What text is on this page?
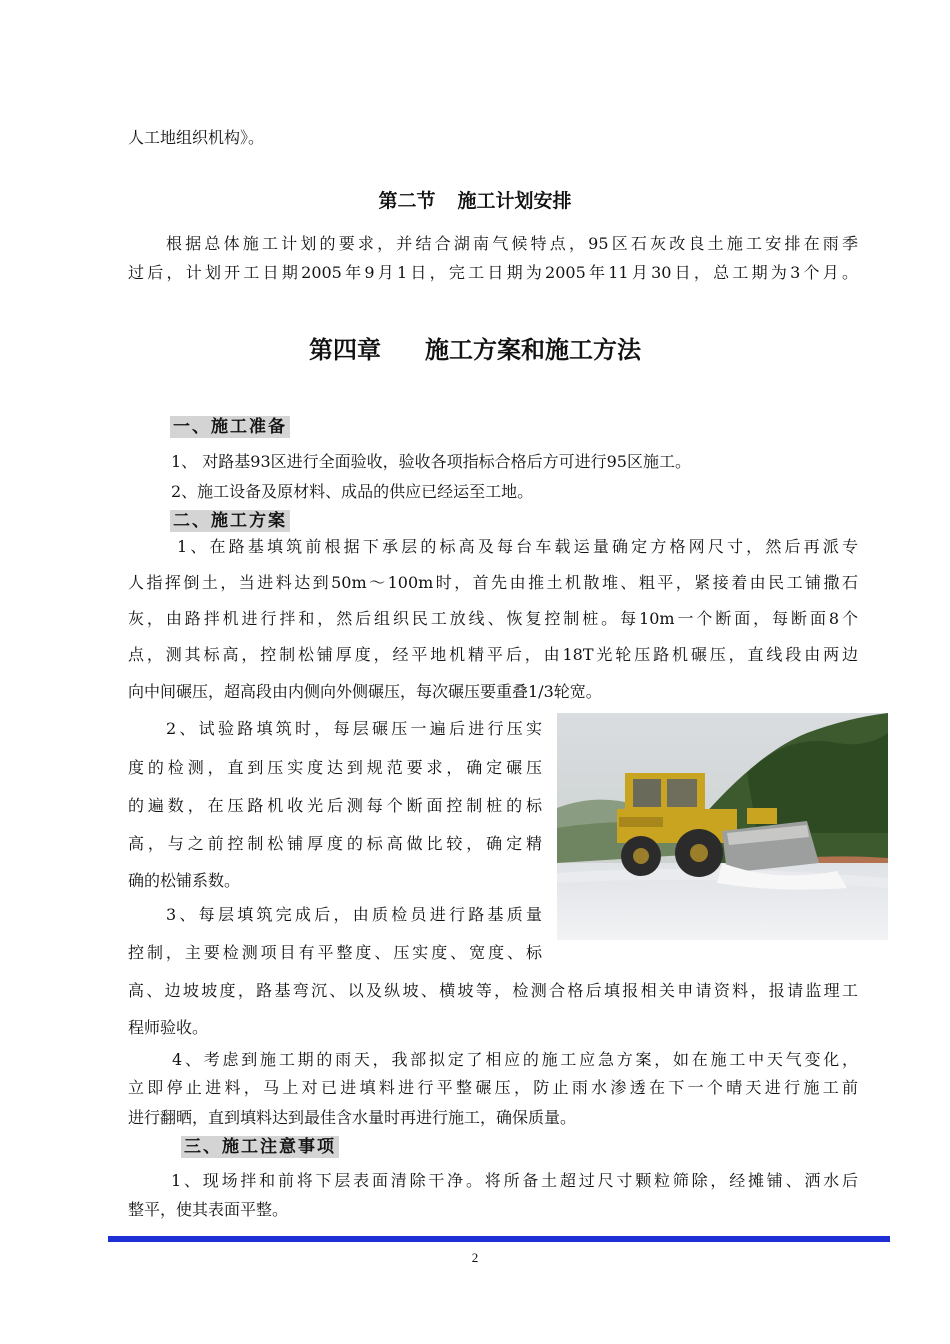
人工地组织机构》。
第二节 施工计划安排
根据总体施工计划的要求，并结合湖南气候特点，95区石灰改良土施工安排在雨季
过后，计划开工日期2005年9月1日，完工日期为2005年11月30日，总工期为3个月。
第四章 施工方案和施工方法
一、施工准备
1、 对路基93区进行全面验收，验收各项指标合格后方可进行95区施工。
2、施工设备及原材料、成品的供应已经运至工地。
二、施工方案
1、在路基填筑前根据下承层的标高及每台车载运量确定方格网尺寸，然后再派专
人指挥倒土，当进料达到50m～100m时，首先由推土机散堆、粗平，紧接着由民工铺撒石
灰，由路拌机进行拌和，然后组织民工放线、恢复控制桩。每10m一个断面，每断面8个
点，测其标高，控制松铺厚度，经平地机精平后，由18T光轮压路机碾压，直线段由两边
向中间碾压，超高段由内侧向外侧碾压，每次碾压要重叠1/3轮宽。
2、试验路填筑时，每层碾压一遍后进行压实
度的检测，直到压实度达到规范要求，确定碾压
的遍数，在压路机收光后测每个断面控制桩的标
高，与之前控制松铺厚度的标高做比较，确定精
确的松铺系数。
3、每层填筑完成后，由质检员进行路基质量
控制，主要检测项目有平整度、压实度、宽度、标
高、边坡坡度，路基弯沉、以及纵坡、横坡等，检测合格后填报相关申请资料，报请监理工
程师验收。
4、考虑到施工期的雨天，我部拟定了相应的施工应急方案，如在施工中天气变化，
立即停止进料，马上对已进填料进行平整碾压，防止雨水渗透在下一个晴天进行施工前
进行翻晒，直到填料达到最佳含水量时再进行施工，确保质量。
三、施工注意事项
1、现场拌和前将下层表面清除干净。将所备土超过尺寸颗粒筛除，经摊铺、洒水后
整平，使其表面平整。
2
